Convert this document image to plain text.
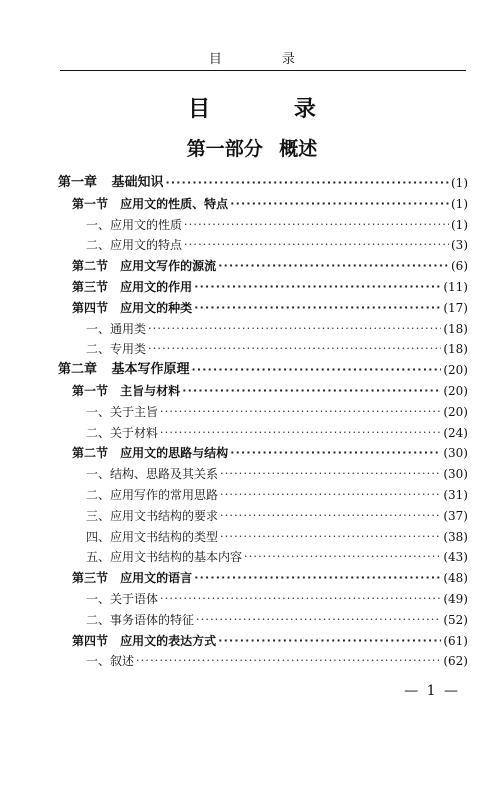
目 录
目 录
第一部分 概述
第一章 基础知识 ·····	(1)
第一节 应用文的性质、特点 ·····	(1)
一、应用文的性质 ·····	(1)
二、应用文的特点 ·····	(3)
第二节 应用文写作的源流 ·····	(6)
第三节 应用文的作用 ·····	(11)
第四节 应用文的种类 ·····	(17)
一、通用类 ·····	(18)
二、专用类 ·····	(18)
第二章 基本写作原理 ·····	(20)
第一节 主旨与材料 ·····	(20)
一、关于主旨 ·····	(20)
二、关于材料 ·····	(24)
第二节 应用文的思路与结构 ·····	(30)
一、结构、思路及其关系 ·····	(30)
二、应用写作的常用思路 ·····	(31)
三、应用文书结构的要求 ·····	(37)
四、应用文书结构的类型 ·····	(38)
五、应用文书结构的基本内容 ·····	(43)
第三节 应用文的语言 ·····	(48)
一、关于语体 ·····	(49)
二、事务语体的特征 ·····	(52)
第四节 应用文的表达方式 ·····	(61)
一、叙述 ·····	(62)
— 1 —
